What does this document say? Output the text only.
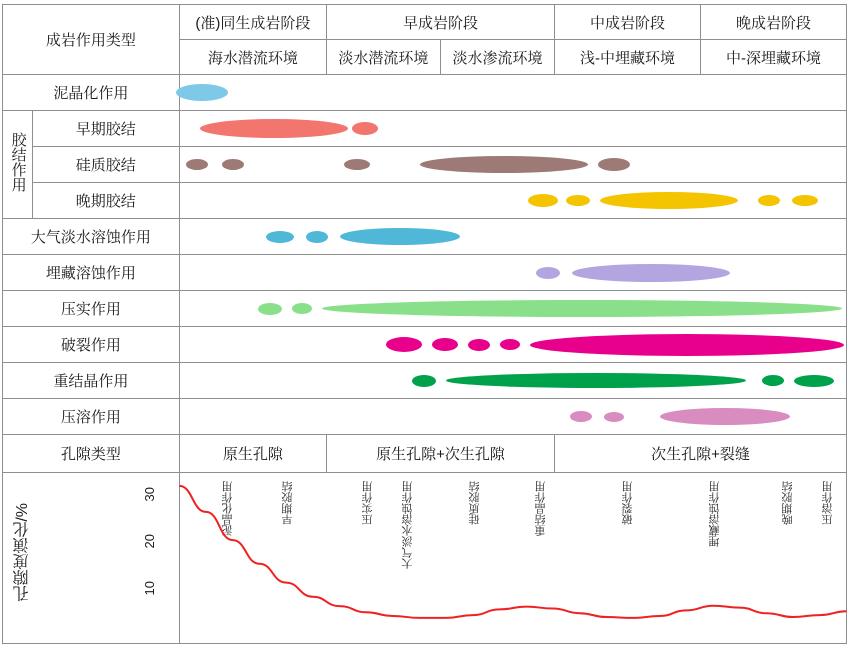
成岩作用类型		(准)同生成岩阶段	早成岩阶段		中成岩阶段	晚成岩阶段
		海水潜流环境	淡水潜流环境	淡水渗流环境	浅-中埋藏环境	中-深埋藏环境
泥晶化作用						
胶结作用	早期胶结					
	硅质胶结					
	晚期胶结					
大气淡水溶蚀作用						
埋藏溶蚀作用						
压实作用						
破裂作用						
重结晶作用						
压溶作用						
孔隙类型		原生孔隙	原生孔隙+次生孔隙		次生孔隙+裂缝	

孔隙度演化/%	10
20
30	泥晶化作用	早期胶结	压实作用	大气淡水溶蚀作用	硅质胶结	重结晶作用	破裂作用	埋藏溶蚀作用	晚期胶结	压溶作用
